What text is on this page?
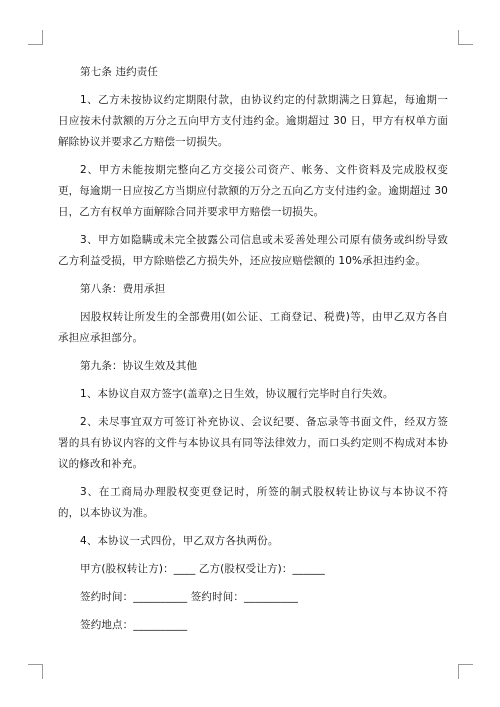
第七条 违约责任

1、乙方未按协议约定期限付款，由协议约定的付款期满之日算起，每逾期一日应按未付款额的万分之五向甲方支付违约金。逾期超过 30 日，甲方有权单方面解除协议并要求乙方赔偿一切损失。

2、甲方未能按期完整向乙方交接公司资产、帐务、文件资料及完成股权变更，每逾期一日应按乙方当期应付款额的万分之五向乙方支付违约金。逾期超过 30 日，乙方有权单方面解除合同并要求甲方赔偿一切损失。

3、甲方如隐瞒或未完全披露公司信息或未妥善处理公司原有债务或纠纷导致乙方利益受损，甲方除赔偿乙方损失外，还应按应赔偿额的 10%承担违约金。

第八条：费用承担

因股权转让所发生的全部费用(如公证、工商登记、税费)等，由甲乙双方各自承担应承担部分。

第九条：协议生效及其他

1、本协议自双方签字(盖章)之日生效，协议履行完毕时自行失效。

2、未尽事宜双方可签订补充协议、会议纪要、备忘录等书面文件，经双方签署的具有协议内容的文件与本协议具有同等法律效力，而口头约定则不构成对本协议的修改和补充。

3、在工商局办理股权变更登记时，所签的制式股权转让协议与本协议不符的，以本协议为准。

4、本协议一式四份，甲乙双方各执两份。

甲方(股权转让方)：____ 乙方(股权受让方)：______

签约时间：__________ 签约时间：__________

签约地点：__________
